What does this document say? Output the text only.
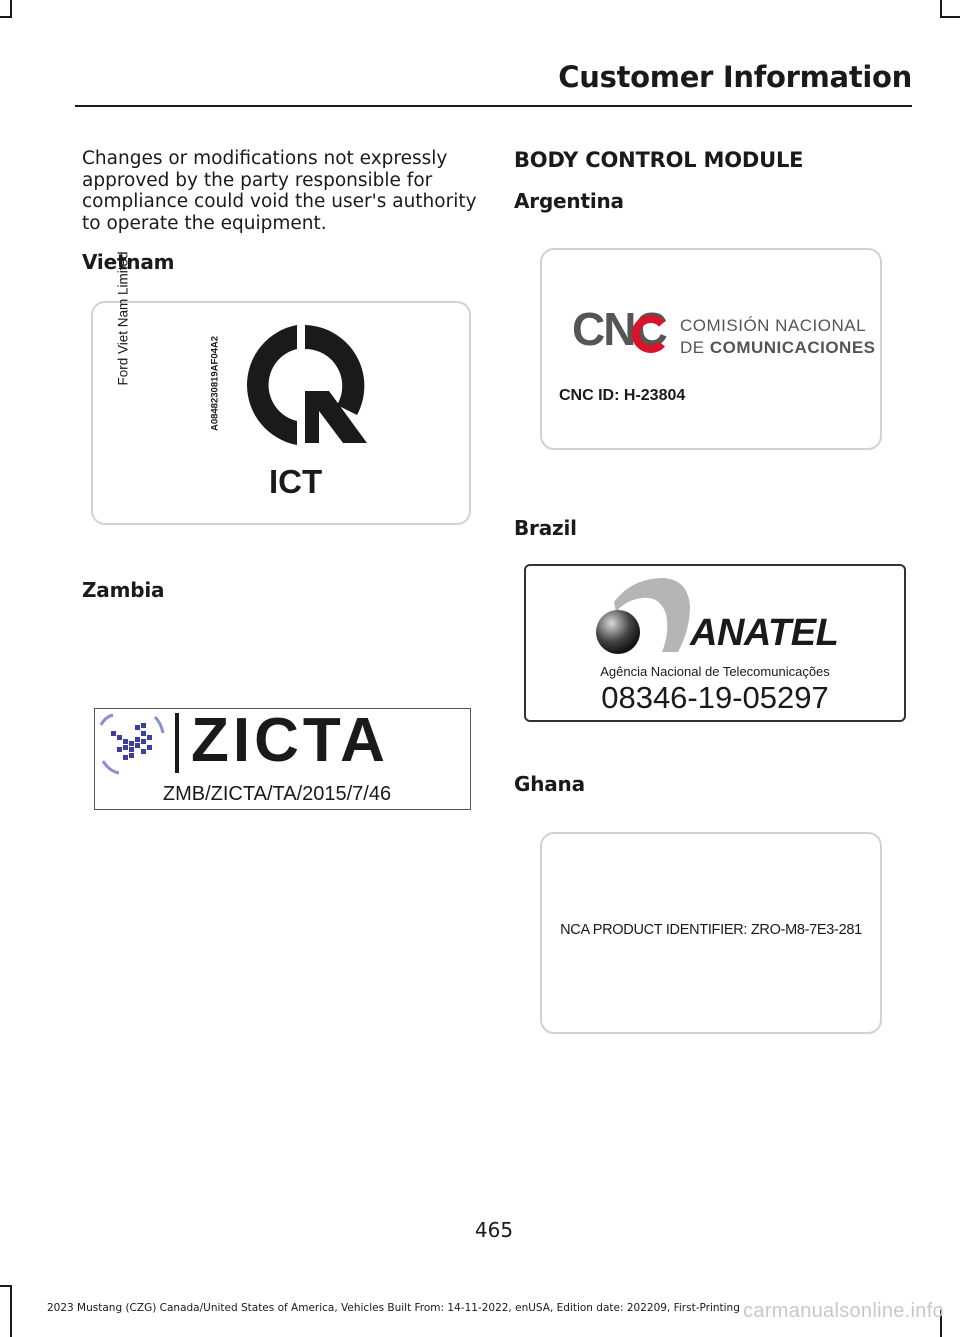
Customer Information

Changes or modifications not expressly approved by the party responsible for compliance could void the user's authority to operate the equipment.

Vietnam
Ford Viet Nam Limited	A0848230819AF04A2
ICT
Zambia
ZICTA
ZMB/ZICTA/TA/2015/7/46
BODY CONTROL MODULE
Argentina
CNC COMISIÓN NACIONAL
DE COMUNICACIONES
CNC ID: H-23804
Brazil
ANATEL
Agência Nacional de Telecomunicações
08346-19-05297
Ghana
NCA PRODUCT IDENTIFIER: ZRO-M8-7E3-281

465

2023 Mustang (CZG) Canada/United States of America, Vehicles Built From: 14-11-2022, enUSA, Edition date: 202209, First-Printing carmanualsonline.info
